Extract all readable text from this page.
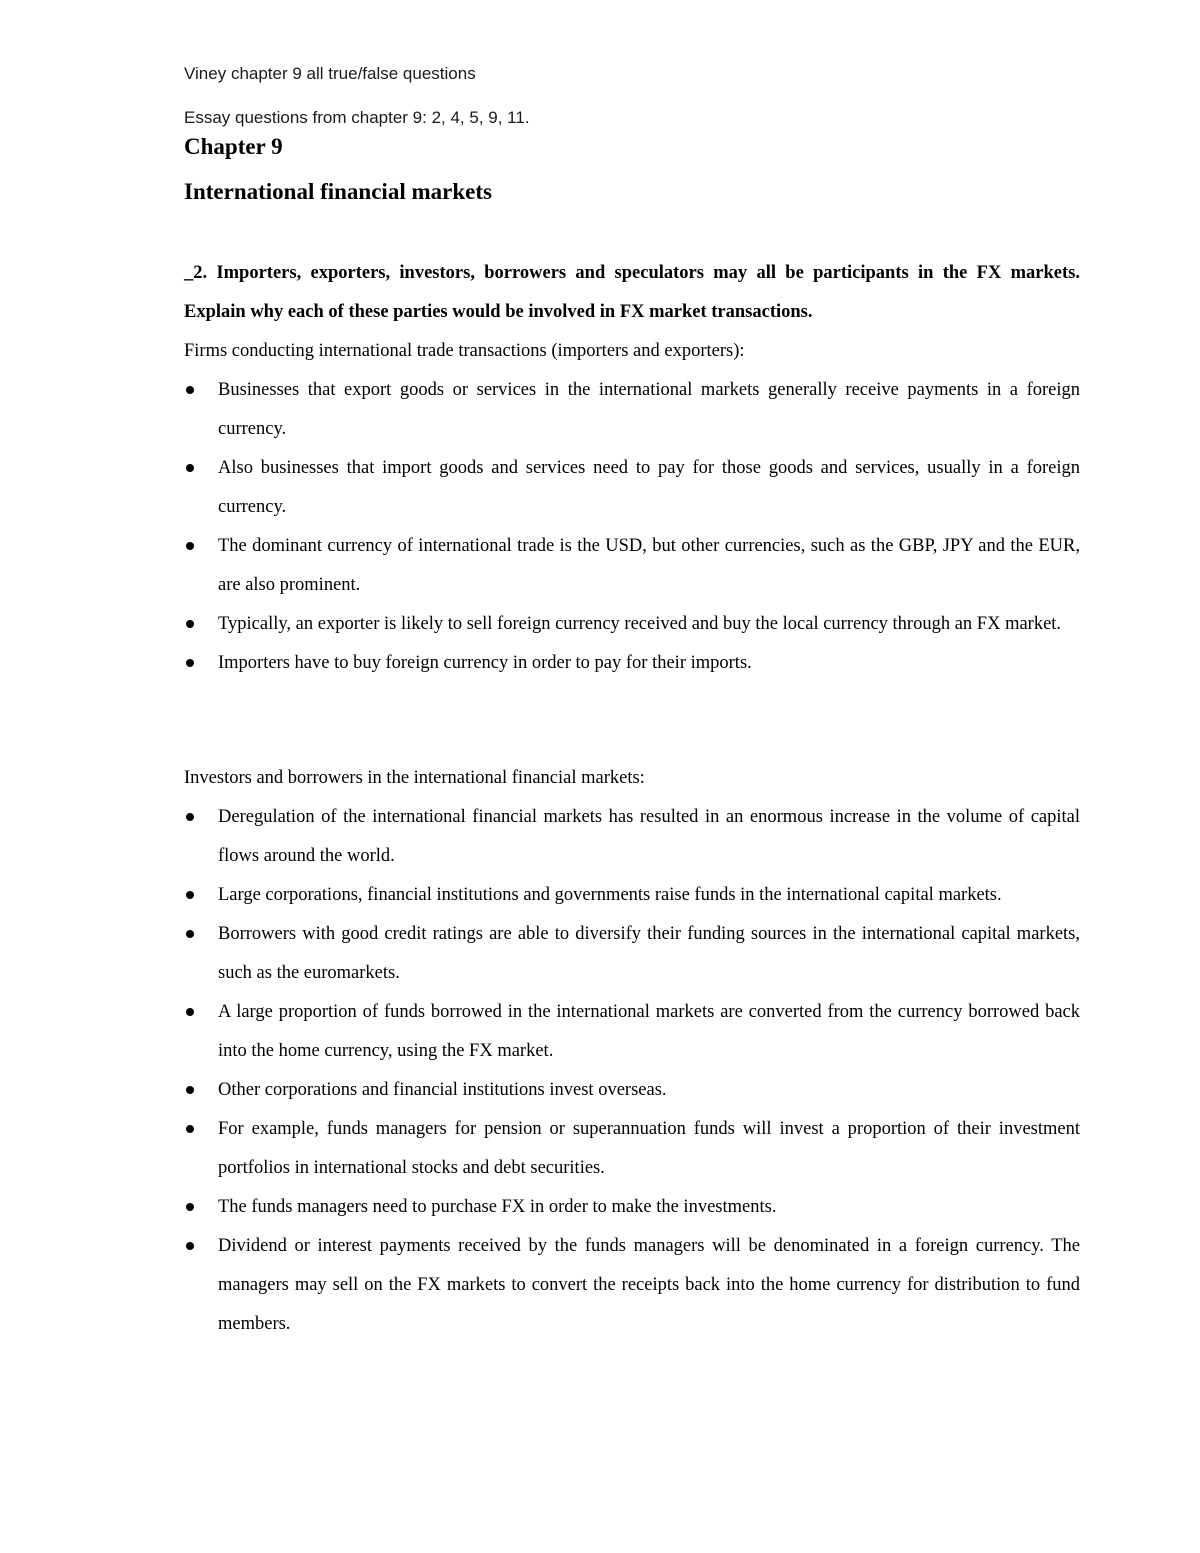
Viney chapter 9 all true/false questions
Essay questions from chapter 9: 2, 4, 5, 9, 11.
Chapter 9
International financial markets
_2. Importers, exporters, investors, borrowers and speculators may all be participants in the FX markets. Explain why each of these parties would be involved in FX market transactions.
Firms conducting international trade transactions (importers and exporters):
Businesses that export goods or services in the international markets generally receive payments in a foreign currency.
Also businesses that import goods and services need to pay for those goods and services, usually in a foreign currency.
The dominant currency of international trade is the USD, but other currencies, such as the GBP, JPY and the EUR, are also prominent.
Typically, an exporter is likely to sell foreign currency received and buy the local currency through an FX market.
Importers have to buy foreign currency in order to pay for their imports.
Investors and borrowers in the international financial markets:
Deregulation of the international financial markets has resulted in an enormous increase in the volume of capital flows around the world.
Large corporations, financial institutions and governments raise funds in the international capital markets.
Borrowers with good credit ratings are able to diversify their funding sources in the international capital markets, such as the euromarkets.
A large proportion of funds borrowed in the international markets are converted from the currency borrowed back into the home currency, using the FX market.
Other corporations and financial institutions invest overseas.
For example, funds managers for pension or superannuation funds will invest a proportion of their investment portfolios in international stocks and debt securities.
The funds managers need to purchase FX in order to make the investments.
Dividend or interest payments received by the funds managers will be denominated in a foreign currency. The managers may sell on the FX markets to convert the receipts back into the home currency for distribution to fund members.
